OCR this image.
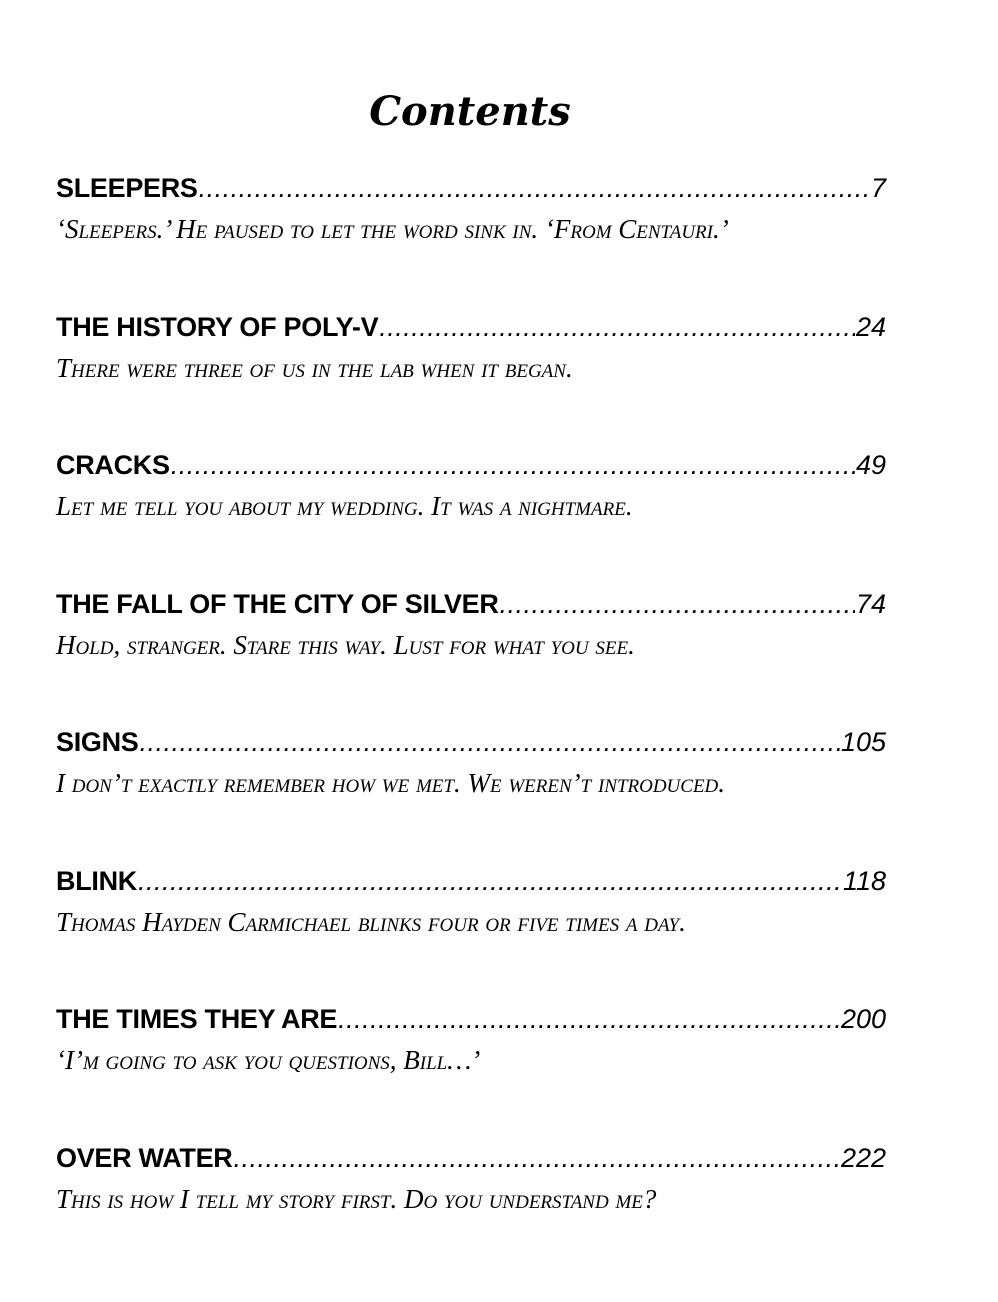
Contents
SLEEPERS .....	7
‘Sleepers.’ He paused to let the word sink in. ‘From Centauri.’
THE HISTORY OF POLY-V .....	24
There were three of us in the lab when it began.
CRACKS .....	49
Let me tell you about my wedding. It was a nightmare.
THE FALL OF THE CITY OF SILVER .....	74
Hold, stranger. Stare this way. Lust for what you see.
SIGNS .....	105
I don’t exactly remember how we met. We weren’t introduced.
BLINK .....	118
Thomas Hayden Carmichael blinks four or five times a day.
THE TIMES THEY ARE .....	200
‘I’m going to ask you questions, Bill…’
OVER WATER .....	222
This is how I tell my story first. Do you understand me?
